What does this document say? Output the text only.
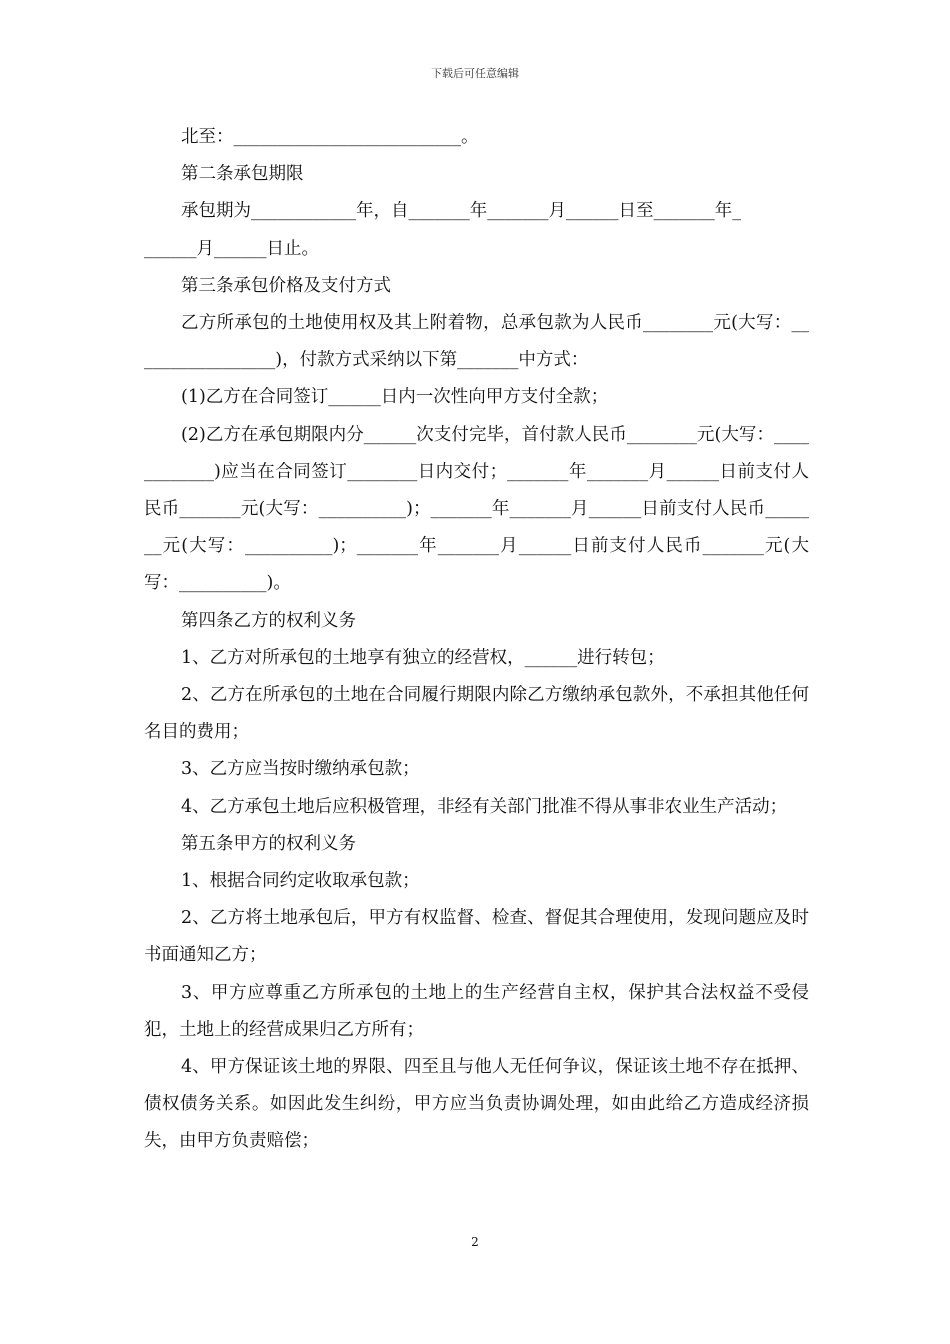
下载后可任意编辑

北至：__________________________。

第二条承包期限

承包期为____________年，自_______年_______月______日至_______年_

______月______日止。

第三条承包价格及支付方式

乙方所承包的土地使用权及其上附着物，总承包款为人民币________元(大写：_________________)，付款方式采纳以下第_______中方式：

(1)乙方在合同签订______日内一次性向甲方支付全款；

(2)乙方在承包期限内分______次支付完毕，首付款人民币________元(大写：____________)应当在合同签订________日内交付；_______年_______月______日前支付人民币_______元(大写：__________)；_______年_______月______日前支付人民币_______元(大写：__________)；_______年_______月______日前支付人民币_______元(大写：__________)。

第四条乙方的权利义务

1、乙方对所承包的土地享有独立的经营权，______进行转包；

2、乙方在所承包的土地在合同履行期限内除乙方缴纳承包款外，不承担其他任何名目的费用；

3、乙方应当按时缴纳承包款；

4、乙方承包土地后应积极管理，非经有关部门批准不得从事非农业生产活动；

第五条甲方的权利义务

1、根据合同约定收取承包款；

2、乙方将土地承包后，甲方有权监督、检查、督促其合理使用，发现问题应及时书面通知乙方；

3、甲方应尊重乙方所承包的土地上的生产经营自主权，保护其合法权益不受侵犯，土地上的经营成果归乙方所有；

4、甲方保证该土地的界限、四至且与他人无任何争议，保证该土地不存在抵押、债权债务关系。如因此发生纠纷，甲方应当负责协调处理，如由此给乙方造成经济损失，由甲方负责赔偿；

2
